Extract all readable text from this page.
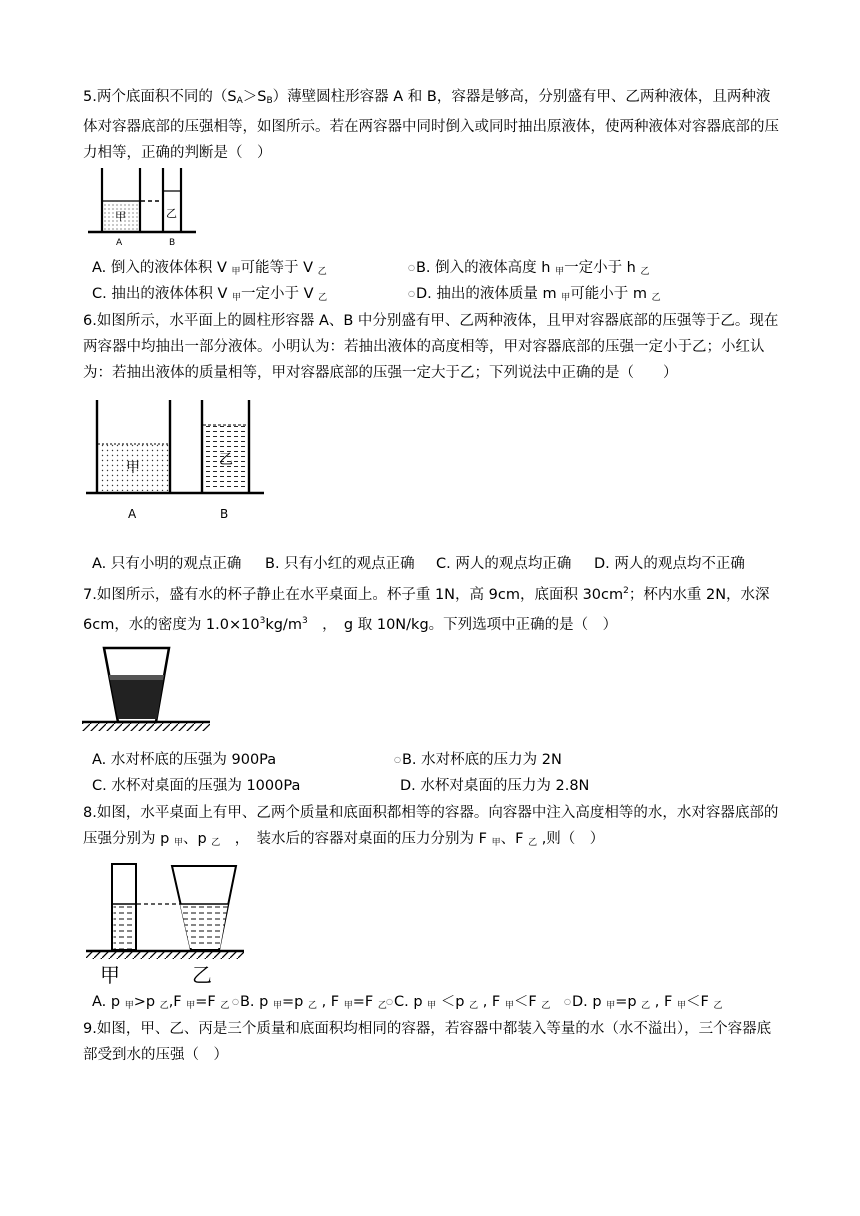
5.两个底面积不同的$(S_A>S_B)$薄壁圆柱形容器 A 和 B，容器是够高，分别盛有甲、乙两种液体，且两种液体对容器底部的压强相等，如图所示。若在两容器中同时倒入或同时抽出原液体，使两种液体对容器底部的压力相等，正确的判断是（　）

甲	乙
A	B
A. 倒入的液体体积 V $_甲$可能等于 V $_乙$	○B. 倒入的液体高度 h $_甲$一定小于 h $_乙$
C. 抽出的液体体积 V $_甲$一定小于 V $_乙$	○D. 抽出的液体质量 m $_甲$可能小于 m $_乙$

6.如图所示，水平面上的圆柱形容器 A、B 中分别盛有甲、乙两种液体，且甲对容器底部的压强等于乙。现在两容器中均抽出一部分液体。小明认为：若抽出液体的高度相等，甲对容器底部的压强一定小于乙；小红认为：若抽出液体的质量相等，甲对容器底部的压强一定大于乙；下列说法中正确的是（　　）

甲	乙
A	B
A. 只有小明的观点正确 B. 只有小红的观点正确 C. 两人的观点均正确 D. 两人的观点均不正确

7.如图所示，盛有水的杯子静止在水平桌面上。杯子重 1N，高 9cm，底面积 $30cm^2$；杯内水重 2N，水深 6cm，水的密度为 $1.0\times 10^3kg/m^3$　，　g 取 10N/kg。下列选项中正确的是（　）

A. 水对杯底的压强为 900Pa	○B. 水对杯底的压力为 2N
C. 水杯对桌面的压强为 1000Pa	D. 水杯对桌面的压力为 2.8N

8.如图，水平桌面上有甲、乙两个质量和底面积都相等的容器。向容器中注入高度相等的水，水对容器底部的压强分别为 p $_甲$、p $_乙$　，　装水后的容器对桌面的压力分别为 F $_甲$、F $_乙$ ,则（　）

甲	乙
A. p $_甲$>p $_乙$,F $_甲$=F $_乙$ ○B. p $_甲$=p $_乙$ , F $_甲$=F $_乙$ ○C. p $_甲$ ＜p $_乙$ , F $_甲$＜F $_乙$ ○D. p $_甲$=p $_乙$ , F $_甲$＜F $_乙$

9.如图，甲、乙、丙是三个质量和底面积均相同的容器，若容器中都装入等量的水（水不溢出），三个容器底部受到水的压强（　）
